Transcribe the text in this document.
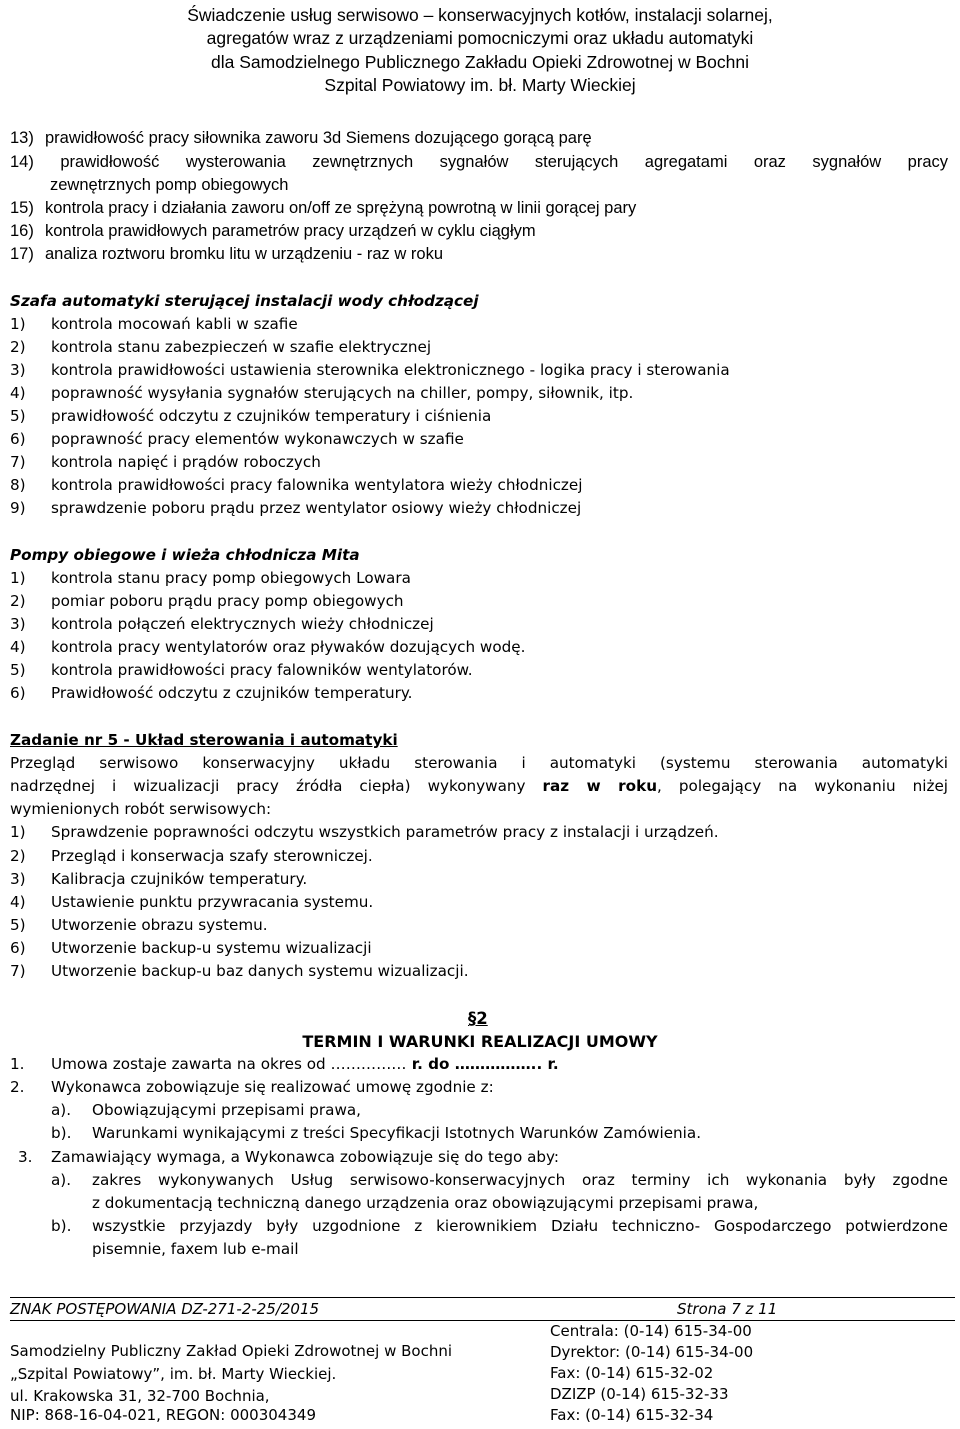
Świadczenie usług serwisowo – konserwacyjnych kotłów, instalacji solarnej,
agregatów wraz z urządzeniami pomocniczymi oraz układu automatyki
dla Samodzielnego Publicznego Zakładu Opieki Zdrowotnej w Bochni
Szpital Powiatowy im. bł. Marty Wieckiej
13) prawidłowość pracy siłownika zaworu 3d Siemens dozującego gorącą parę
14) prawidłowość wysterowania zewnętrznych sygnałów sterujących agregatami oraz sygnałów pracy
zewnętrznych pomp obiegowych
15) kontrola pracy i działania zaworu on/off ze sprężyną powrotną w linii gorącej pary
16) kontrola prawidłowych parametrów pracy urządzeń w cyklu ciągłym
17) analiza roztworu bromku litu w urządzeniu - raz w roku
Szafa automatyki sterującej instalacji wody chłodzącej
1) kontrola mocowań kabli w szafie
2) kontrola stanu zabezpieczeń w szafie elektrycznej
3) kontrola prawidłowości ustawienia sterownika elektronicznego - logika pracy i sterowania
4) poprawność wysyłania sygnałów sterujących na chiller, pompy, siłownik, itp.
5) prawidłowość odczytu z czujników temperatury i ciśnienia
6) poprawność pracy elementów wykonawczych w szafie
7) kontrola napięć i prądów roboczych
8) kontrola prawidłowości pracy falownika wentylatora wieży chłodniczej
9) sprawdzenie poboru prądu przez wentylator osiowy wieży chłodniczej
Pompy obiegowe i wieża chłodnicza Mita
1) kontrola stanu pracy pomp obiegowych Lowara
2) pomiar poboru prądu pracy pomp obiegowych
3) kontrola połączeń elektrycznych wieży chłodniczej
4) kontrola pracy wentylatorów oraz pływaków dozujących wodę.
5) kontrola prawidłowości pracy falowników wentylatorów.
6) Prawidłowość odczytu z czujników temperatury.
Zadanie nr 5 - Układ sterowania i automatyki
Przegląd serwisowo konserwacyjny układu sterowania i automatyki (systemu sterowania automatyki
nadrzędnej i wizualizacji pracy źródła ciepła) wykonywany raz w roku, polegający na wykonaniu niżej
wymienionych robót serwisowych:
1) Sprawdzenie poprawności odczytu wszystkich parametrów pracy z instalacji i urządzeń.
2) Przegląd i konserwacja szafy sterowniczej.
3) Kalibracja czujników temperatury.
4) Ustawienie punktu przywracania systemu.
5) Utworzenie obrazu systemu.
6) Utworzenie backup-u systemu wizualizacji
7) Utworzenie backup-u baz danych systemu wizualizacji.
§2
TERMIN I WARUNKI REALIZACJI UMOWY
1. Umowa zostaje zawarta na okres od …………… r. do …………….. r.
2. Wykonawca zobowiązuje się realizować umowę zgodnie z:
a). Obowiązującymi przepisami prawa,
b). Warunkami wynikającymi z treści Specyfikacji Istotnych Warunków Zamówienia.
3. Zamawiający wymaga, a Wykonawca zobowiązuje się do tego aby:
a). zakres wykonywanych Usług serwisowo-konserwacyjnych oraz terminy ich wykonania były zgodne
z dokumentacją techniczną danego urządzenia oraz obowiązującymi przepisami prawa,
b). wszystkie przyjazdy były uzgodnione z kierownikiem Działu techniczno- Gospodarczego potwierdzone
pisemnie, faxem lub e-mail
ZNAK POSTĘPOWANIA DZ-271-2-25/2015	Strona 7 z 11
Samodzielny Publiczny Zakład Opieki Zdrowotnej w Bochni
„Szpital Powiatowy”, im. bł. Marty Wieckiej.
ul. Krakowska 31, 32-700 Bochnia,
NIP: 868-16-04-021, REGON: 000304349
Centrala: (0-14) 615-34-00
Dyrektor: (0-14) 615-34-00
Fax: (0-14) 615-32-02
DZIZP (0-14) 615-32-33
Fax: (0-14) 615-32-34
